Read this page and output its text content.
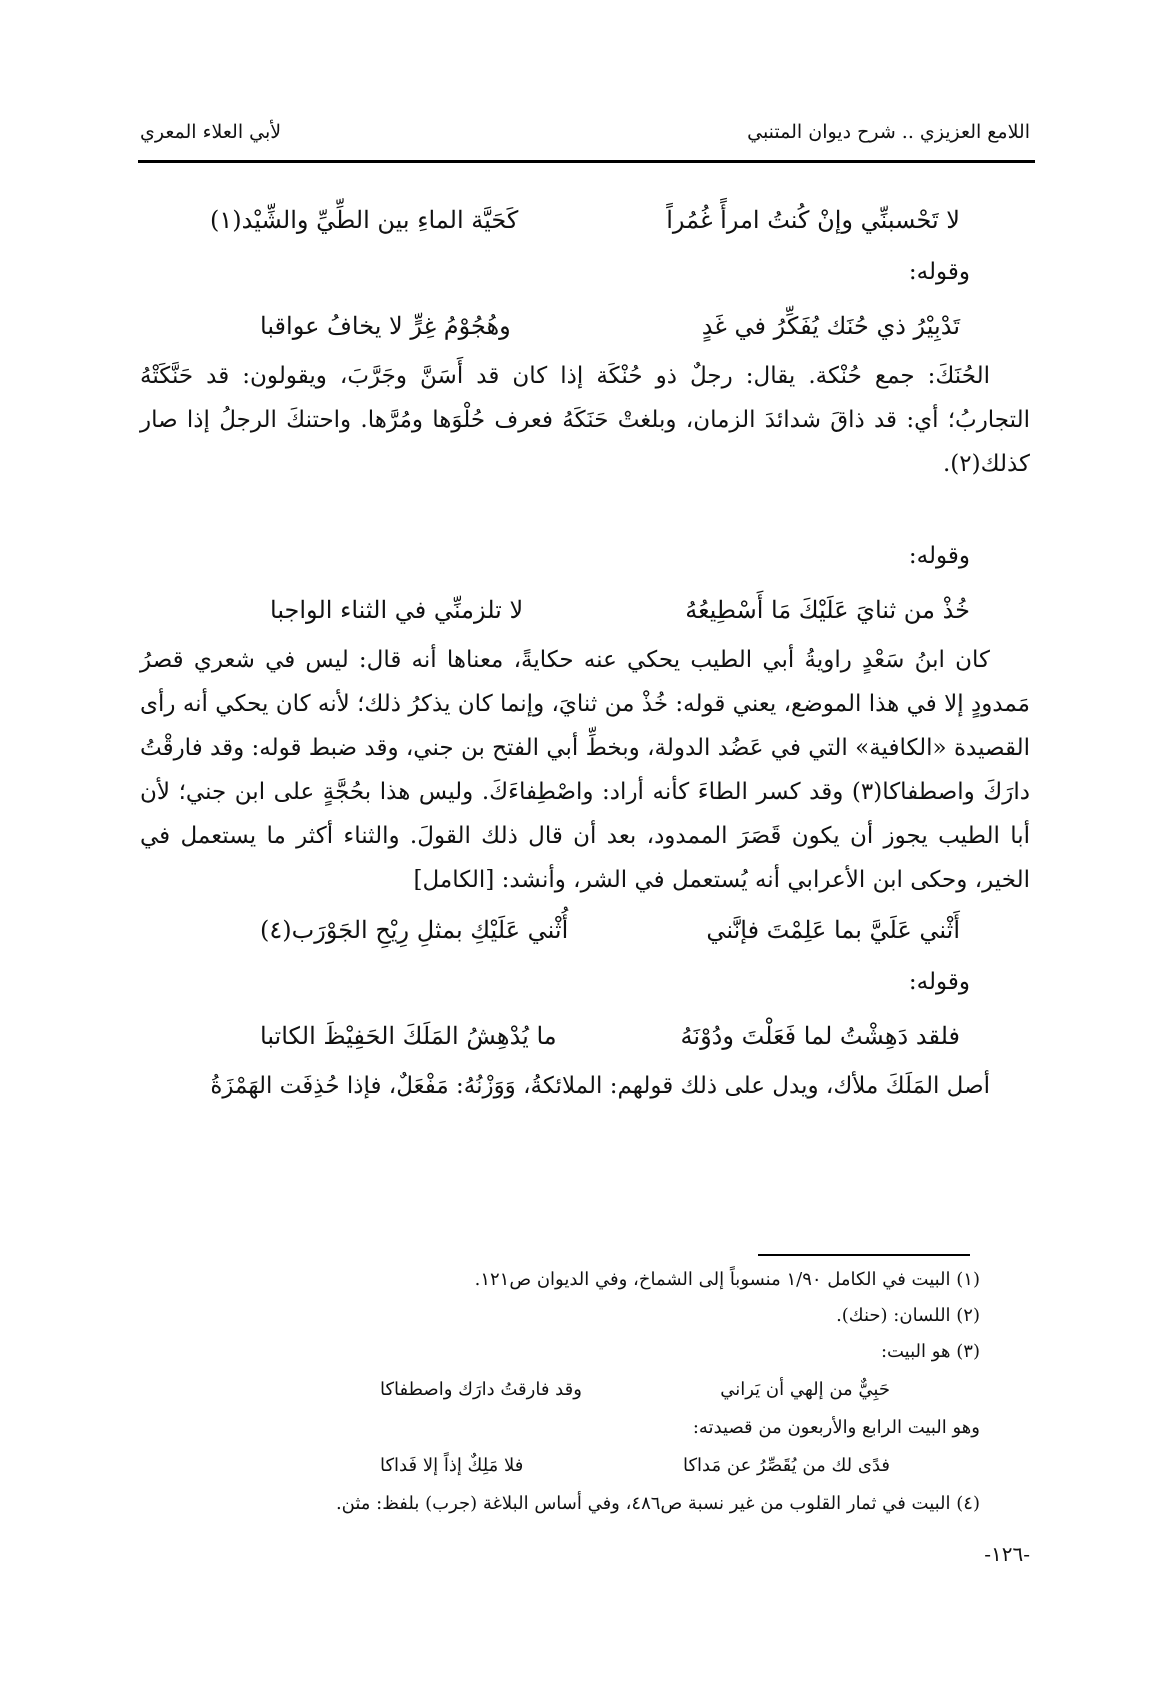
اللامع العزيزي .. شرح ديوان المتنبي
لأبي العلاء المعري
لا تَحْسبنِّي وإنْ كُنتُ امرأً غُمُراً
كَحَيَّة الماءِ بين الطِّيِّ والشِّيْد(١)
وقوله:
تَدْبِيْرُ ذي حُنَك يُفَكِّرُ في غَدٍ
وهُجُوْمُ غِرٍّ لا يخافُ عواقبا

الحُنَكَ: جمع حُنْكة. يقال: رجلٌ ذو حُنْكَة إذا كان قد أَسَنَّ وجَرَّبَ، ويقولون: قد حَنَّكَتْهُ التجاربُ؛ أي: قد ذاقَ شدائدَ الزمان، وبلغتْ حَنَكَهُ فعرف حُلْوَها ومُرَّها. واحتنكَ الرجلُ إذا صار كذلك(٢).

وقوله:
خُذْ من ثنايَ عَلَيْكَ مَا أَسْطِيعُهُ
لا تلزمنِّي في الثناء الواجبا

كان ابنُ سَعْدٍ راويةُ أبي الطيب يحكي عنه حكايةً، معناها أنه قال: ليس في شعري قصرُ مَمدودٍ إلا في هذا الموضع، يعني قوله: خُذْ من ثنايَ، وإنما كان يذكرُ ذلك؛ لأنه كان يحكي أنه رأى القصيدة «الكافية» التي في عَضُد الدولة، وبخطِّ أبي الفتح بن جني، وقد ضبط قوله: وقد فارقْتُ دارَكَ واصطفاكا(٣) وقد كسر الطاءَ كأنه أراد: واصْطِفاءَكَ. وليس هذا بحُجَّةٍ على ابن جني؛ لأن أبا الطيب يجوز أن يكون قَصَرَ الممدود، بعد أن قال ذلك القولَ. والثناء أكثر ما يستعمل في الخير، وحكى ابن الأعرابي أنه يُستعمل في الشر، وأنشد: [الكامل]

أَثْني عَلَيَّ بما عَلِمْتَ فإنَّني
أُثْني عَلَيْكِ بمثلِ رِيْحِ الجَوْرَب(٤)
وقوله:
فلقد دَهِشْتُ لما فَعَلْتَ ودُوْنَهُ
ما يُدْهِشُ المَلَكَ الحَفِيْظَ الكاتبا

أصل المَلَكَ ملأك، ويدل على ذلك قولهم: الملائكةُ، وَوَزْنُهُ: مَفْعَلٌ، فإذا حُذِفَت الهَمْزَةُ

(١) البيت في الكامل ١/٩٠ منسوباً إلى الشماخ، وفي الديوان ص١٢١.
(٢) اللسان: (حنك).
(٣) هو البيت:
حَبِيٌّ من إلهي أن يَراني
وقد فارقتُ دارَك واصطفاكا
وهو البيت الرابع والأربعون من قصيدته:
فدًى لك من يُقَصِّرُ عن مَداكا
فلا مَلِكٌ إذاً إلا فَداكا
(٤) البيت في ثمار القلوب من غير نسبة ص٤٨٦، وفي أساس البلاغة (جرب) بلفظ: مثن.
-١٢٦-
